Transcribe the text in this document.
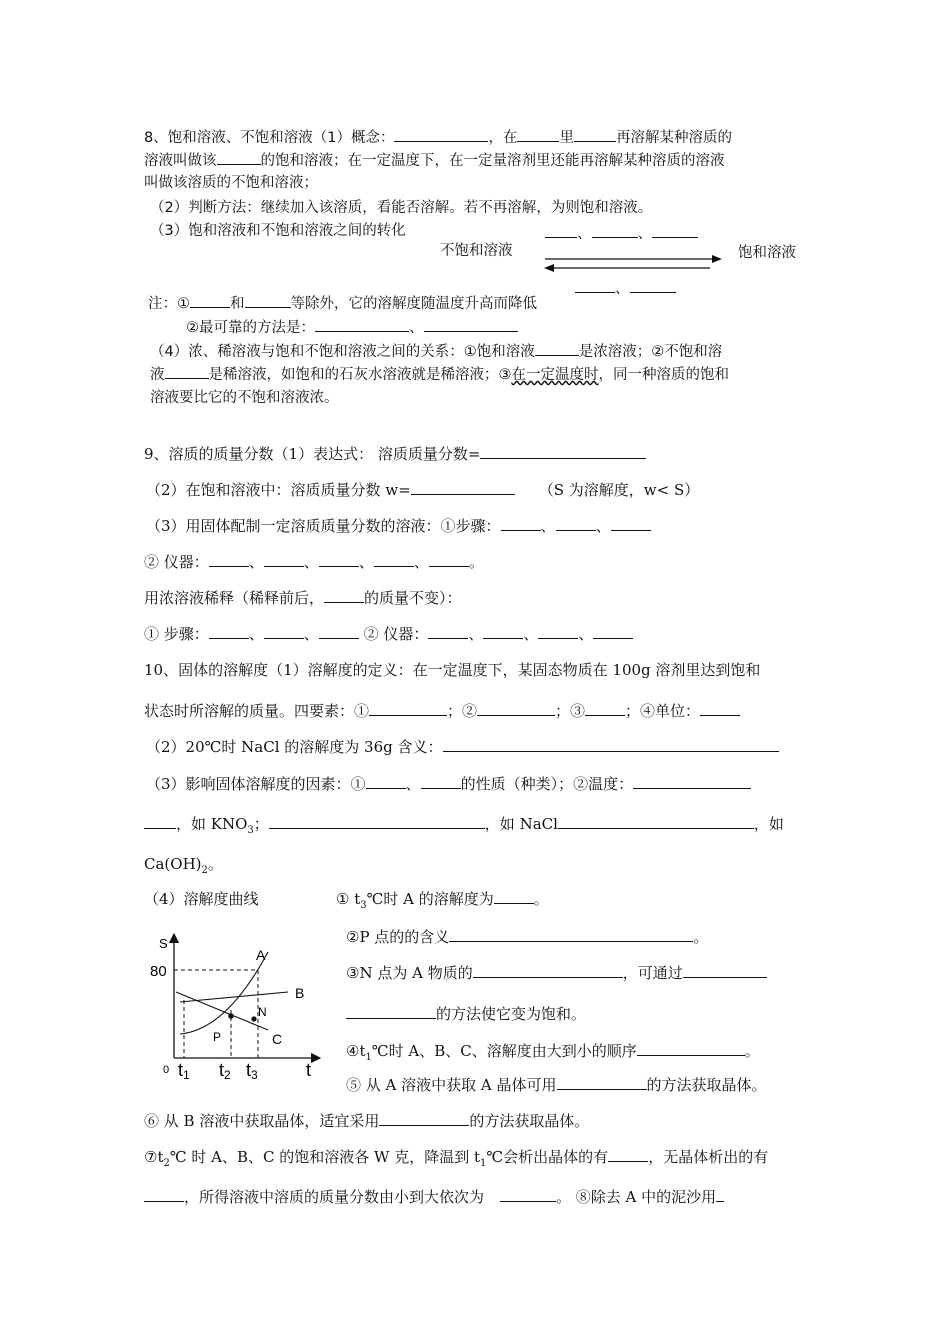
8、饱和溶液、不饱和溶液（1）概念：	，在	里	再溶解某种溶质的
溶液叫做该	的饱和溶液；在一定温度下，在一定量溶剂里还能再溶解某种溶质的溶液
叫做该溶质的不饱和溶液；
（2）判断方法：继续加入该溶质，看能否溶解。若不再溶解，为则饱和溶液。
（3）饱和溶液和不饱和溶液之间的转化
不饱和溶液	饱和溶液
、	、
、
注：①	和	等除外，它的溶解度随温度升高而降低
②最可靠的方法是：	、
（4）浓、稀溶液与饱和不饱和溶液之间的关系：①饱和溶液	是浓溶液；②不饱和溶
液	是稀溶液，如饱和的石灰水溶液就是稀溶液；③在一定温度时，同一种溶质的饱和
溶液要比它的不饱和溶液浓。
9、溶质的质量分数（1）表达式： 溶质质量分数=
（2）在饱和溶液中：溶质质量分数 w=	（S 为溶解度，w< S）
（3）用固体配制一定溶质质量分数的溶液：①步骤：	、	、
② 仪器：	、	、	、	、	。
用浓溶液稀释（稀释前后，	的质量不变）：
① 步骤：	、	、	② 仪器：	、	、	、
10、固体的溶解度（1）溶解度的定义：在一定温度下，某固态物质在 100g 溶剂里达到饱和
状态时所溶解的质量。四要素：①	；②	；③	；④单位：
（2）20℃时 NaCl 的溶解度为 36g 含义：
（3）影响固体溶解度的因素：①	、	的性质（种类）；②温度：
，如 $KNO_3$；	，如 NaCl	，如
$Ca(OH)_2$。
（4）溶解度曲线
S
t
0
80
A
B
C
P
N
t1 t2 t3
① $t_3℃$时 A 的溶解度为	。
②P 点的的含义	。
③N 点为 A 物质的	，可通过
的方法使它变为饱和。
$④t_1℃$时 A、B、C、溶解度由大到小的顺序	。
⑤ 从 A 溶液中获取 A 晶体可用	的方法获取晶体。
⑥ 从 B 溶液中获取晶体，适宜采用	的方法获取晶体。
$⑦t_2℃$ 时 A、B、C 的饱和溶液各 W 克，降温到 $t_1℃$会析出晶体的有	，无晶体析出的有
，所得溶液中溶质的质量分数由小到大依次为	。 ⑧除去 A 中的泥沙用
